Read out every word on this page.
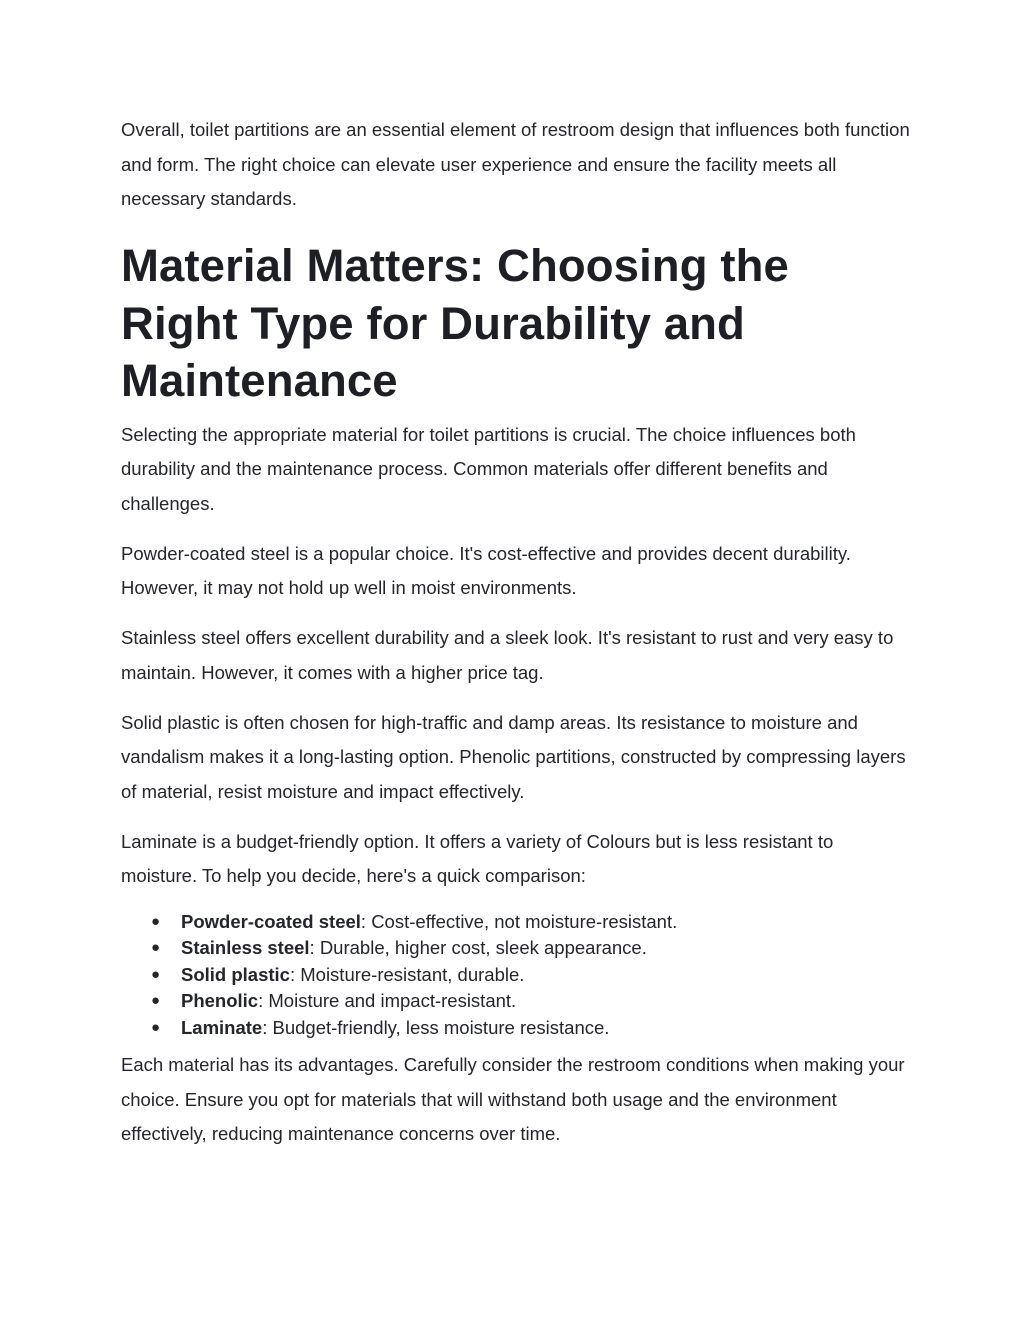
Overall, toilet partitions are an essential element of restroom design that influences both function and form. The right choice can elevate user experience and ensure the facility meets all necessary standards.

Material Matters: Choosing the Right Type for Durability and Maintenance

Selecting the appropriate material for toilet partitions is crucial. The choice influences both durability and the maintenance process. Common materials offer different benefits and challenges.

Powder-coated steel is a popular choice. It's cost-effective and provides decent durability. However, it may not hold up well in moist environments.

Stainless steel offers excellent durability and a sleek look. It's resistant to rust and very easy to maintain. However, it comes with a higher price tag.

Solid plastic is often chosen for high-traffic and damp areas. Its resistance to moisture and vandalism makes it a long-lasting option. Phenolic partitions, constructed by compressing layers of material, resist moisture and impact effectively.

Laminate is a budget-friendly option. It offers a variety of Colours but is less resistant to moisture. To help you decide, here's a quick comparison:

● Powder-coated steel: Cost-effective, not moisture-resistant.
● Stainless steel: Durable, higher cost, sleek appearance.
● Solid plastic: Moisture-resistant, durable.
● Phenolic: Moisture and impact-resistant.
● Laminate: Budget-friendly, less moisture resistance.

Each material has its advantages. Carefully consider the restroom conditions when making your choice. Ensure you opt for materials that will withstand both usage and the environment effectively, reducing maintenance concerns over time.
